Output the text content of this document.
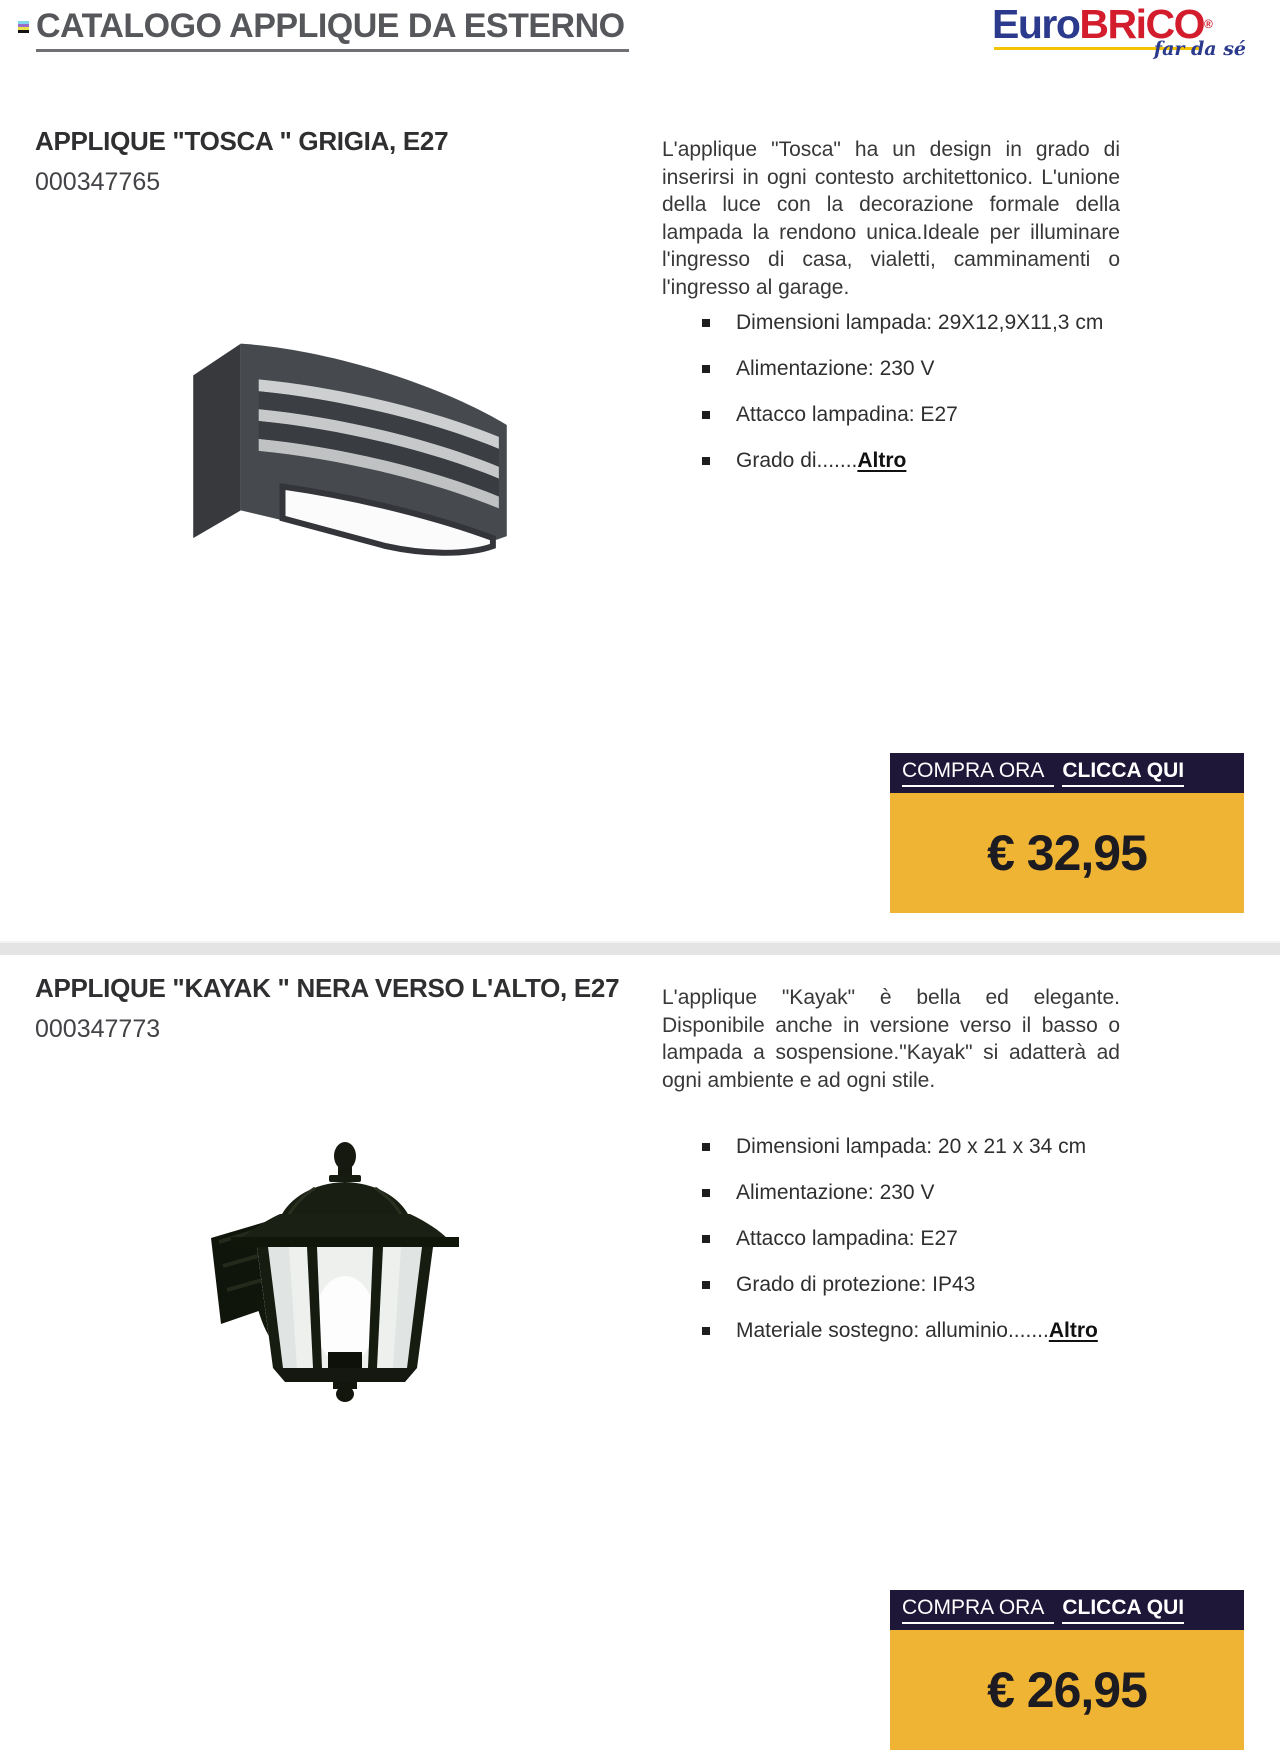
CATALOGO APPLIQUE DA ESTERNO	EuroBRiCO®
far da sé
APPLIQUE "TOSCA " GRIGIA, E27
000347765

L'applique "Tosca" ha un design in grado di inserirsi in ogni contesto architettonico. L'unione della luce con la decorazione formale della lampada la rendono unica.Ideale per illuminare l'ingresso di casa, vialetti, camminamenti o l'ingresso al garage.

Dimensioni lampada: 29X12,9X11,3 cm
Alimentazione: 230 V
Attacco lampadina: E27
Grado di.......Altro
COMPRA ORA CLICCA QUI
€ 32,95
APPLIQUE "KAYAK " NERA VERSO L'ALTO, E27
000347773

L'applique "Kayak" è bella ed elegante. Disponibile anche in versione verso il basso o lampada a sospensione."Kayak" si adatterà ad ogni ambiente e ad ogni stile.

Dimensioni lampada: 20 x 21 x 34 cm
Alimentazione: 230 V
Attacco lampadina: E27
Grado di protezione: IP43
Materiale sostegno: alluminio.......Altro
COMPRA ORA CLICCA QUI
€ 26,95
